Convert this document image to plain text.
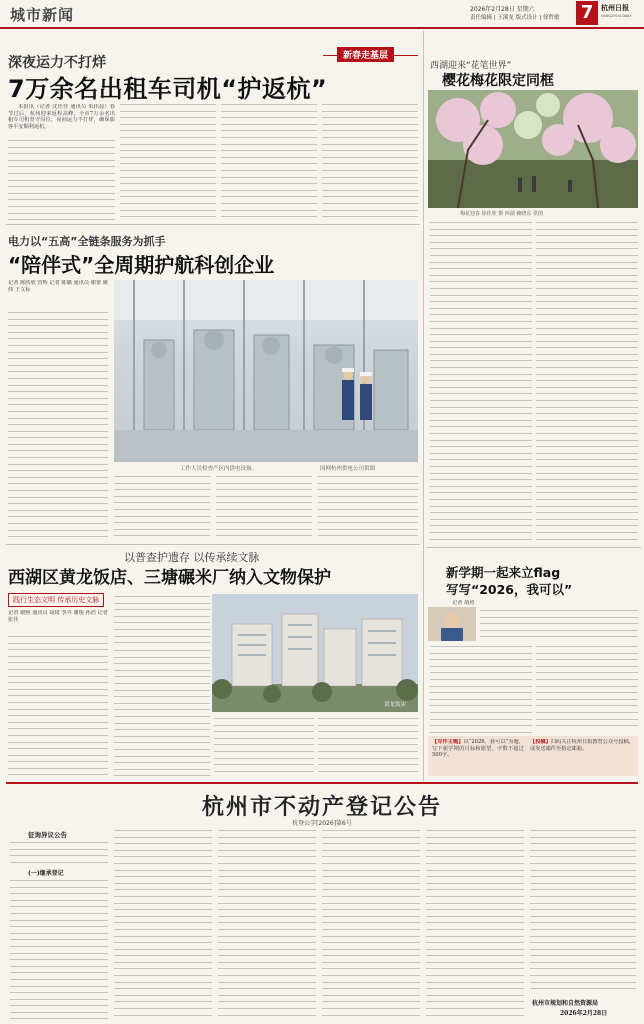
城市新闻	2026年2月28日 星期六
责任编辑 | 王溪龙 版式设计 | 徐哲敏 7	杭州日报
HANGZHOU DAILY
新春走基层
深夜运力不打烊
7万余名出租车司机“护返杭”

本报讯（记者 沈佳佳 通讯员 朱伟晨）春节过后，杭州迎来返程高峰。全市7万余名出租车司机坚守岗位，夜间运力不打烊，确保旅客平安顺利返杭。

电力以“五高”全链条服务为抓手
“陪伴式”全周期护航科创企业
记者 陈欣欣 管辉 记者 陈璐 通讯员 谢蕾 姚炜 王文标
工作人员检查产区内供电设备。	国网杭州供电公司供图
西湖迎来“花笔世界”
樱花梅花限定同框
梅花迎春 徐佳欣 摄 西湖 赖晓东 供图
新学期一起来立flag
写写“2026，我可以”
记者 胡涛
【写作主题】以“2026，我可以”为题，写下新学期的目标和愿望，字数不超过500字。
【投稿】扫码关注杭州日报教育公众号投稿，或发送邮件至指定邮箱。
以普查护遗存 以传承续文脉
西湖区黄龙饭店、三塘碾米厂纳入文物保护
践行生态文明 传承历史文脉
记者 谢熙 通讯员 胡琦 李卉 谢锐 孙浩 记者 张佳
黄龙饭店
杭州市不动产登记公告
杭登公字[2026]第6号
征询异议公告
(一)继承登记
杭州市规划和自然资源局
2026年2月28日
